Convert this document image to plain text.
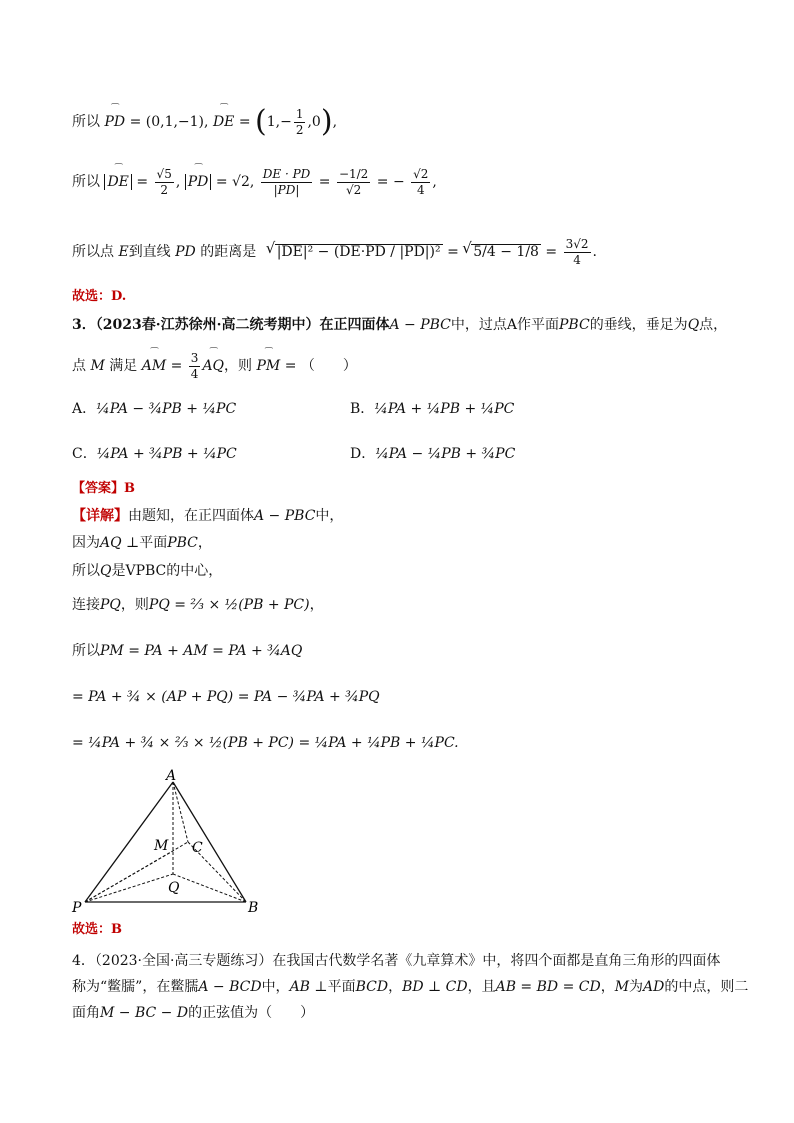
所以 ⁀ PD = (0,1,−1), ⁀ DE = $(1,- \frac{1}{2} ,0)$,
所以 ⁀ DE = $\frac{√5}{2}$ , ⁀ PD = √2, $\frac{DE \cdot PD}{|PD|} = \frac{-1/2}{√2}$ = − $\frac{√2}{4}$ ,
所以点 E到直线 PD 的距离是 √ |DE|² − (DE·PD / |PD|)² = √ $5/4 - 1/8 = \frac{3√2}{4}$ .
故选：D.
3．（2023春·江苏徐州·高二统考期中）在正四面体A − PBC中，过点A作平面PBC的垂线，垂足为Q点，
点 M 满足 ⁀ AM = $\frac{3}{4}$ ⁀ AQ，则 ⁀ PM = （　　）
A．¼PA − ¾PB + ¼PC	B．¼PA + ¼PB + ¼PC
C．¼PA + ¾PB + ¼PC	D．¼PA − ¼PB + ¾PC
【答案】B
【详解】由题知，在正四面体A − PBC中，
因为AQ ⊥平面PBC，
所以Q是VPBC的中心，
连接PQ，则PQ = ⅔ × ½(PB + PC)，
所以PM = PA + AM = PA + ¾AQ
= PA + ¾ × (AP + PQ) = PA − ¾PA + ¾PQ
= ¼PA + ¾ × ⅔ × ½(PB + PC) = ¼PA + ¼PB + ¼PC.
A
M C
Q
P	B
故选：B
4．（2023·全国·高三专题练习）在我国古代数学名著《九章算术》中，将四个面都是直角三角形的四面体
称为“鳖臑”，在鳖臑A − BCD中，AB ⊥平面BCD，BD ⊥ CD，且AB = BD = CD，M为AD的中点，则二
面角M − BC − D的正弦值为（　　）
